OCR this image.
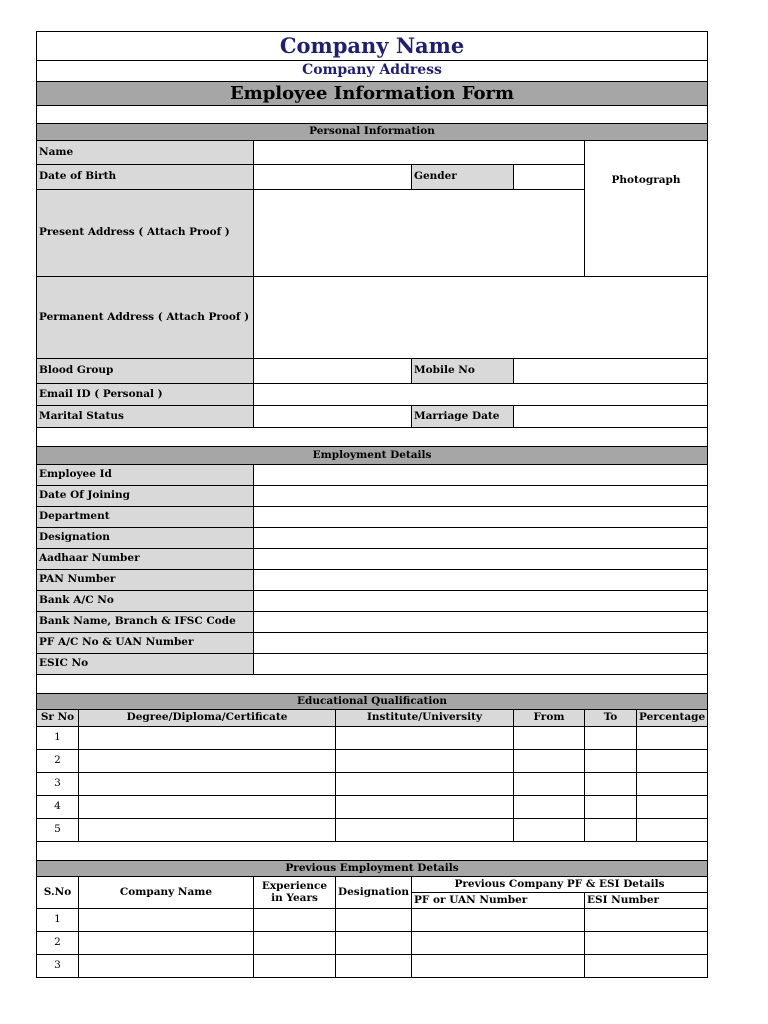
Company Name							
Company Address							
Employee Information Form							

Personal Information							
Name						Photograph	
Date of Birth				Gender			
Present Address ( Attach Proof )							
Permanent Address ( Attach Proof )							
Blood Group				Mobile No			
Email ID ( Personal )							
Marital Status				Marriage Date			

Employment Details							
Employee Id							
Date Of Joining							
Department							
Designation							
Aadhaar Number							
PAN Number							
Bank A/C No							
Bank Name, Branch & IFSC Code							
PF A/C No & UAN Number							
ESIC No							

Educational Qualification							
Sr No	Degree/Diploma/Certificate		Institute/University		From	To	Percentage
1							
2							
3							
4							
5							

Previous Employment Details							
S.No	Company Name	Experience in Years	Designation	Previous Company PF & ESI Details			
				PF or UAN Number		ESI Number	
1							
2							
3							
